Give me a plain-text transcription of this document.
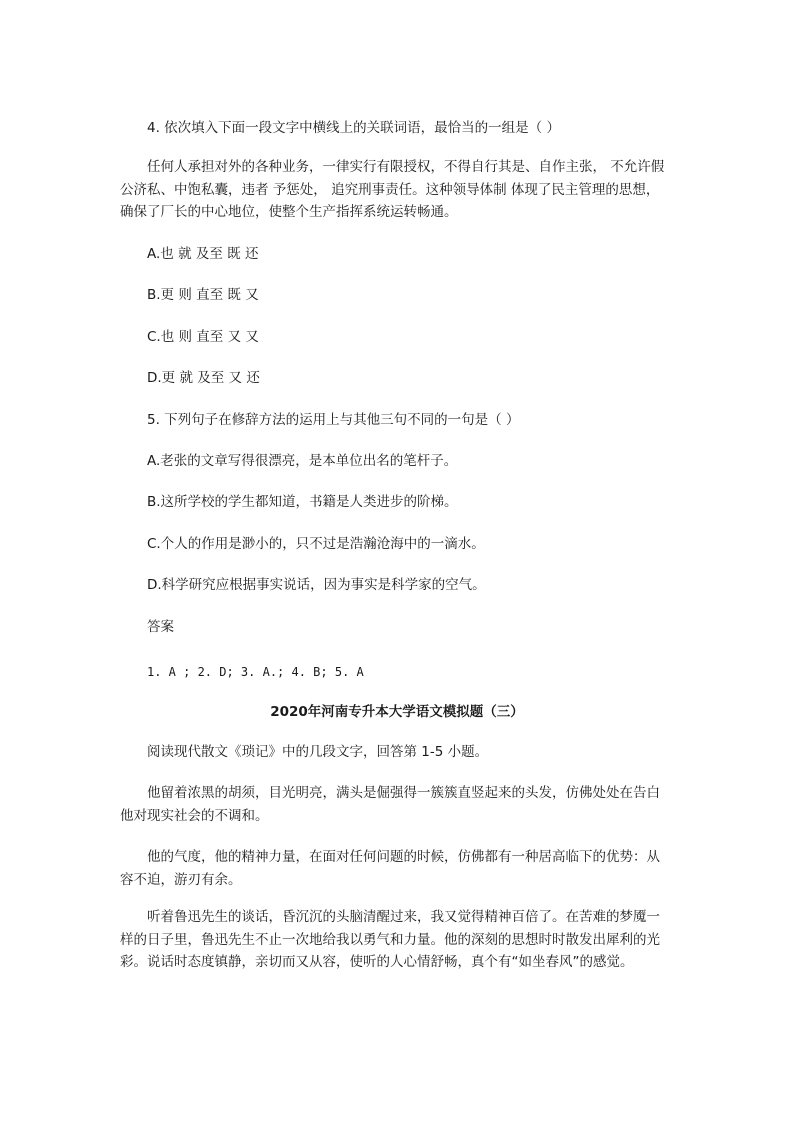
4. 依次填入下面一段文字中横线上的关联词语，最恰当的一组是（ ）
任何人承担对外的各种业务，一律实行有限授权，不得自行其是、自作主张， 不允许假公济私、中饱私囊，违者 予惩处， 追究刑事责任。这种领导体制 体现了民主管理的思想， 确保了厂长的中心地位，使整个生产指挥系统运转畅通。
A.也 就 及至 既 还
B.更 则 直至 既 又
C.也 则 直至 又 又
D.更 就 及至 又 还
5. 下列句子在修辞方法的运用上与其他三句不同的一句是（ ）
A.老张的文章写得很漂亮，是本单位出名的笔杆子。
B.这所学校的学生都知道，书籍是人类进步的阶梯。
C.个人的作用是渺小的，只不过是浩瀚沧海中的一滴水。
D.科学研究应根据事实说话，因为事实是科学家的空气。
答案
1. A ; 2. D; 3. A.; 4. B; 5. A
2020年河南专升本大学语文模拟题（三）
阅读现代散文《琐记》中的几段文字，回答第 1-5 小题。
他留着浓黑的胡须，目光明亮，满头是倔强得一簇簇直竖起来的头发，仿佛处处在告白他对现实社会的不调和。
他的气度，他的精神力量，在面对任何问题的时候，仿佛都有一种居高临下的优势：从容不迫，游刃有余。
听着鲁迅先生的谈话，昏沉沉的头脑清醒过来，我又觉得精神百倍了。在苦难的梦魇一样的日子里，鲁迅先生不止一次地给我以勇气和力量。他的深刻的思想时时散发出犀利的光彩。说话时态度镇静，亲切而又从容，使听的人心情舒畅，真个有“如坐春风”的感觉。
